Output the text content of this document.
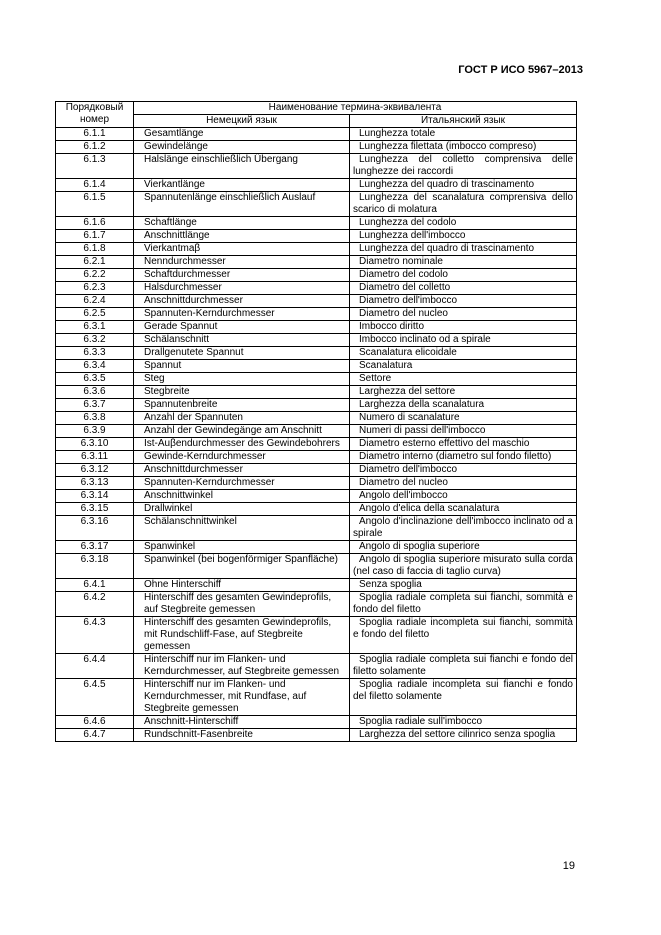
ГОСТ Р ИСО 5967–2013
Порядковый номер	Наименование термина-эквивалента	
	Немецкий язык	Итальянский язык
6.1.1	Gesamtlänge	Lunghezza totale

6.1.2	Gewindelänge	Lunghezza filettata (imbocco compreso)

6.1.3	Halslänge einschließlich Übergang	Lunghezza del colletto comprensiva delle lunghezze dei raccordi

6.1.4	Vierkantlänge	Lunghezza del quadro di trascinamento

6.1.5	Spannutenlänge einschließlich Auslauf	Lunghezza del scanalatura comprensiva dello scarico di molatura

6.1.6	Schaftlänge	Lunghezza del codolo

6.1.7	Anschnittlänge	Lunghezza dell'imbocco

6.1.8	Vierkantmaβ	Lunghezza del quadro di trascinamento

6.2.1	Nenndurchmesser	Diametro nominale

6.2.2	Schaftdurchmesser	Diametro del codolo

6.2.3	Halsdurchmesser	Diametro del colletto

6.2.4	Anschnittdurchmesser	Diametro dell'imbocco

6.2.5	Spannuten-Kerndurchmesser	Diametro del nucleo

6.3.1	Gerade Spannut	Imbocco diritto

6.3.2	Schälanschnitt	Imbocco inclinato od a spirale

6.3.3	Drallgenutete Spannut	Scanalatura elicoidale

6.3.4	Spannut	Scanalatura

6.3.5	Steg	Settore

6.3.6	Stegbreite	Larghezza del settore

6.3.7	Spannutenbreite	Larghezza della scanalatura

6.3.8	Anzahl der Spannuten	Numero di scanalature

6.3.9	Anzahl der Gewindegänge am Anschnitt	Numeri di passi dell'imbocco

6.3.10	Ist-Auβendurchmesser des Gewindebohrers	Diametro esterno effettivo del maschio

6.3.11	Gewinde-Kerndurchmesser	Diametro interno (diametro sul fondo filetto)

6.3.12	Anschnittdurchmesser	Diametro dell'imbocco

6.3.13	Spannuten-Kerndurchmesser	Diametro del nucleo

6.3.14	Anschnittwinkel	Angolo dell'imbocco

6.3.15	Drallwinkel	Angolo d'elica della scanalatura

6.3.16	Schälanschnittwinkel	Angolo d'inclinazione dell'imbocco inclinato od a spirale

6.3.17	Spanwinkel	Angolo di spoglia superiore

6.3.18	Spanwinkel (bei bogenförmiger Spanfläche)	Angolo di spoglia superiore misurato sulla corda (nel caso di faccia di taglio curva)

6.4.1	Ohne Hinterschiff	Senza spoglia

6.4.2	Hinterschiff des gesamten Gewindeprofils, auf Stegbreite gemessen	Spoglia radiale completa sui fianchi, sommità e fondo del filetto

6.4.3	Hinterschiff des gesamten Gewindeprofils, mit Rundschliff-Fase, auf Stegbreite gemessen	Spoglia radiale incompleta sui fianchi, sommità e fondo del filetto

6.4.4	Hinterschiff nur im Flanken- und Kerndurchmesser, auf Stegbreite gemessen	Spoglia radiale completa sui fianchi e fondo del filetto solamente

6.4.5	Hinterschiff nur im Flanken- und Kerndurchmesser, mit Rundfase, auf Stegbreite gemessen	Spoglia radiale incompleta sui fianchi e fondo del filetto solamente

6.4.6	Anschnitt-Hinterschiff	Spoglia radiale sull'imbocco

6.4.7	Rundschnitt-Fasenbreite	Larghezza del settore cilinrico senza spoglia
19
